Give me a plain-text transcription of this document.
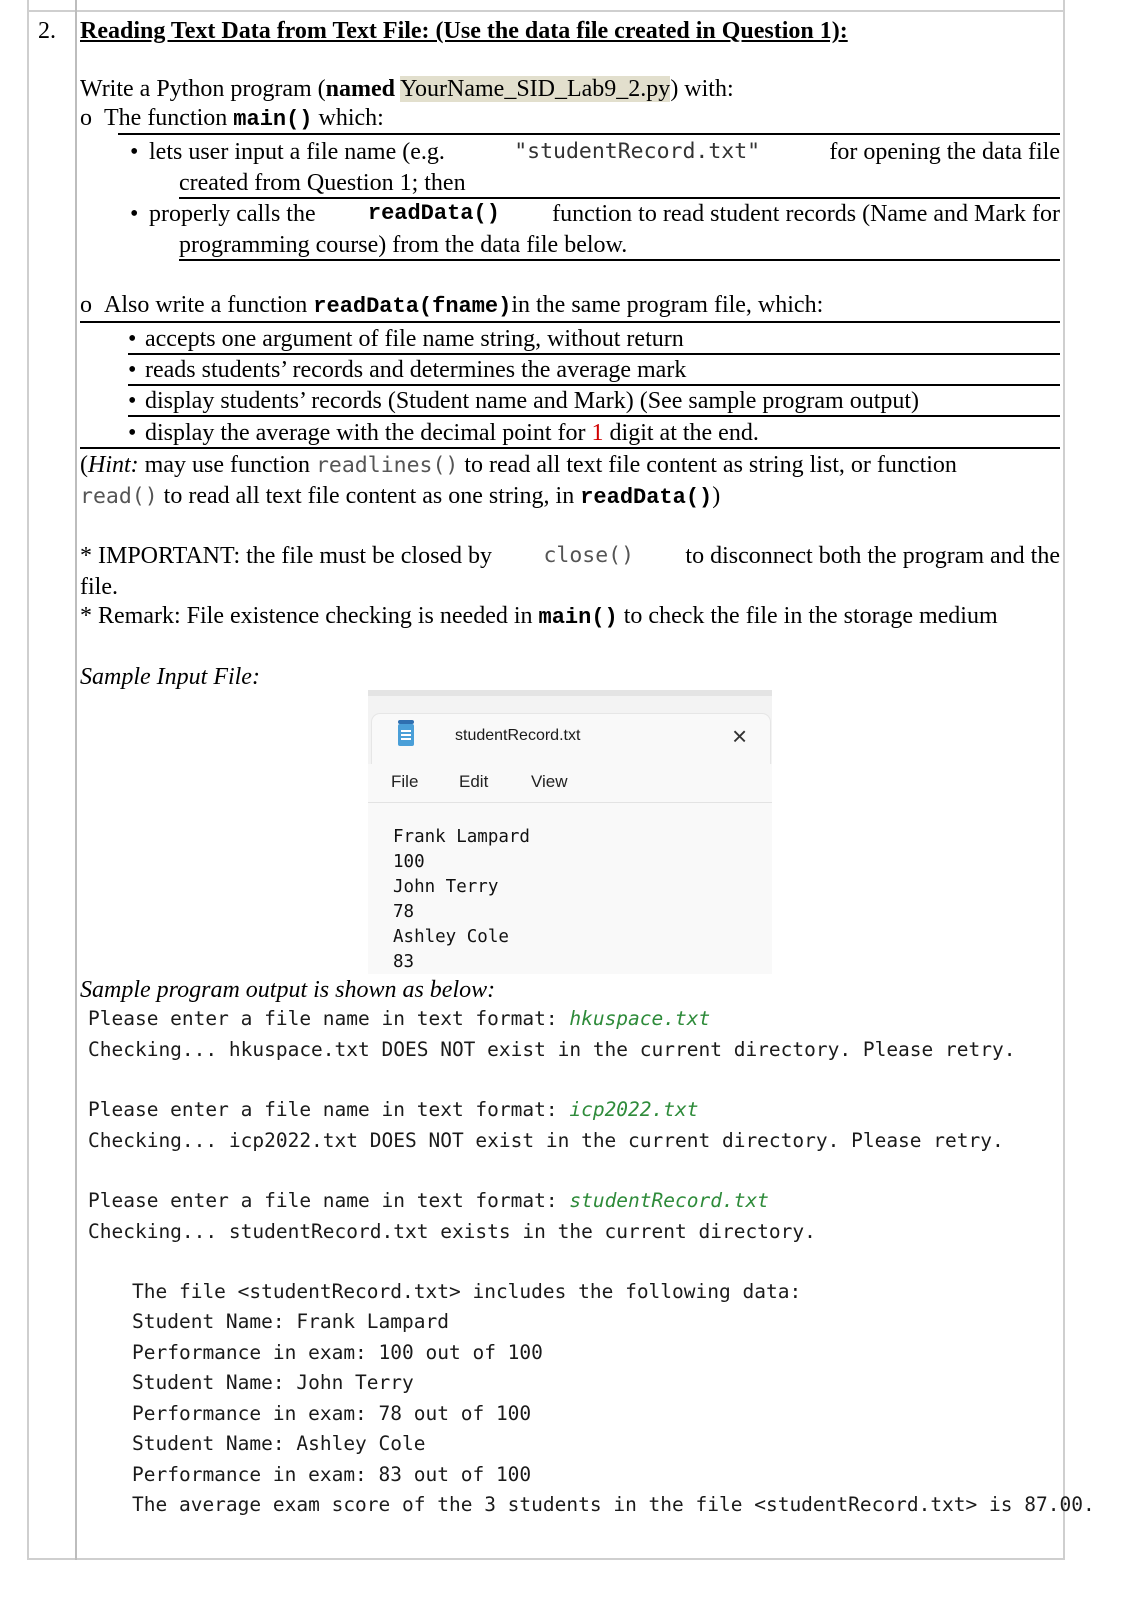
2. Reading Text Data from Text File: (Use the data file created in Question 1):
Write a Python program (named YourName_SID_Lab9_2.py) with:
o The function main() which:
• lets user input a file name (e.g.	"studentRecord.txt"	for opening the data file
created from Question 1; then
• properly calls the readData() function to read student records (Name and Mark for
programming course) from the data file below.
o Also write a function readData(fname)in the same program file, which:
• accepts one argument of file name string, without return
• reads students’ records and determines the average mark
• display students’ records (Student name and Mark) (See sample program output)
• display the average with the decimal point for 1 digit at the end.
(Hint: may use function readlines() to read all text file content as string list, or function
read() to read all text file content as one string, in readData())
* IMPORTANT: the file must be closed by close() to disconnect both the program and the
file.
* Remark: File existence checking is needed in main() to check the file in the storage medium
Sample Input File:
studentRecord.txt	×
File Edit	View
Frank Lampard
100
John Terry
78
Ashley Cole
83
Sample program output is shown as below:
Please enter a file name in text format: hkuspace.txt
Checking... hkuspace.txt DOES NOT exist in the current directory. Please retry.
Please enter a file name in text format: icp2022.txt
Checking... icp2022.txt DOES NOT exist in the current directory. Please retry.
Please enter a file name in text format: studentRecord.txt
Checking... studentRecord.txt exists in the current directory.
The file <studentRecord.txt> includes the following data:
Student Name: Frank Lampard
Performance in exam: 100 out of 100
Student Name: John Terry
Performance in exam: 78 out of 100
Student Name: Ashley Cole
Performance in exam: 83 out of 100
The average exam score of the 3 students in the file <studentRecord.txt> is 87.00.
